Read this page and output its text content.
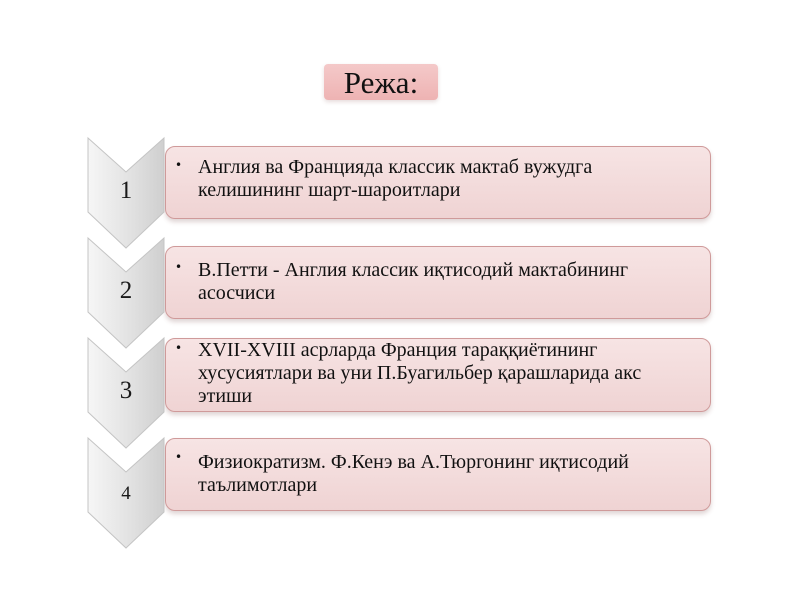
Режа:
• Англия ва Францияда классик мактаб вужудга
келишининг шарт-шароитлари
1
• В.Петти - Англия классик иқтисодий мактабининг
асосчиси
2
• XVII-XVIII асрларда Франция тараққиётининг
хусусиятлари ва уни П.Буагильбер қарашларида акс
этиши
3
• Физиократизм. Ф.Кенэ ва А.Тюргонинг иқтисодий
таълимотлари
4
